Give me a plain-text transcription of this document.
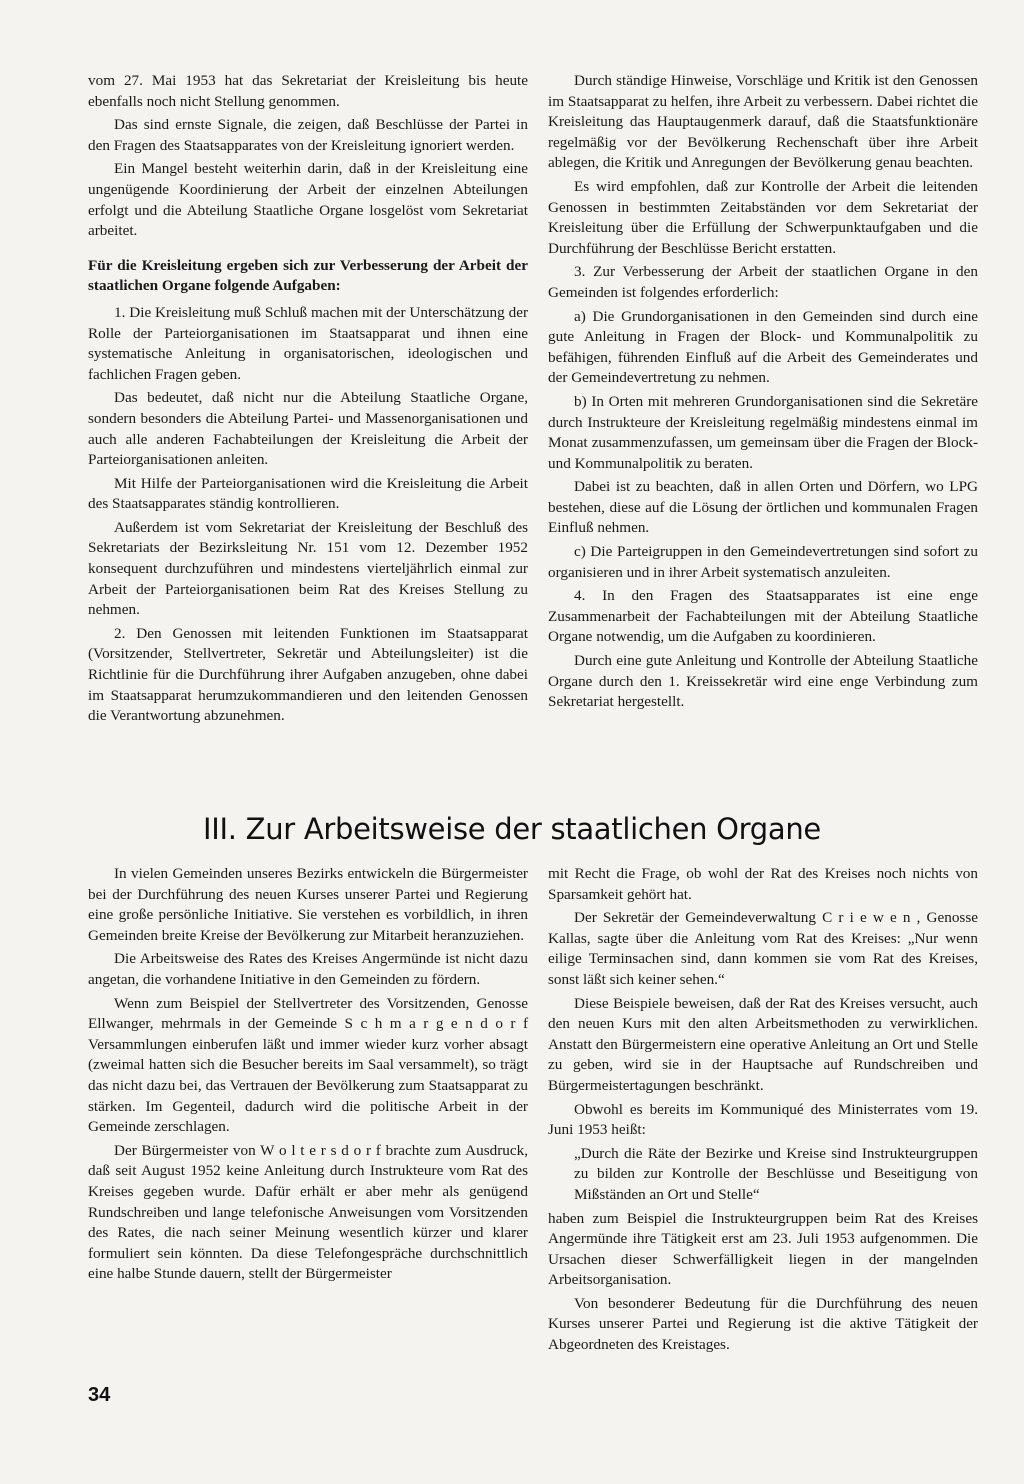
vom 27. Mai 1953 hat das Sekretariat der Kreisleitung bis heute ebenfalls noch nicht Stellung genommen.

Das sind ernste Signale, die zeigen, daß Beschlüsse der Partei in den Fragen des Staatsapparates von der Kreisleitung ignoriert werden.

Ein Mangel besteht weiterhin darin, daß in der Kreisleitung eine ungenügende Koordinierung der Arbeit der einzelnen Abteilungen erfolgt und die Abteilung Staatliche Organe losgelöst vom Sekretariat arbeitet.

Für die Kreisleitung ergeben sich zur Verbesserung der Arbeit der staatlichen Organe folgende Aufgaben:

1. Die Kreisleitung muß Schluß machen mit der Unterschätzung der Rolle der Parteiorganisationen im Staatsapparat und ihnen eine systematische Anleitung in organisatorischen, ideologischen und fachlichen Fragen geben.

Das bedeutet, daß nicht nur die Abteilung Staatliche Organe, sondern besonders die Abteilung Partei- und Massenorganisationen und auch alle anderen Fachabteilungen der Kreisleitung die Arbeit der Parteiorganisationen anleiten.

Mit Hilfe der Parteiorganisationen wird die Kreisleitung die Arbeit des Staatsapparates ständig kontrollieren.

Außerdem ist vom Sekretariat der Kreisleitung der Beschluß des Sekretariats der Bezirksleitung Nr. 151 vom 12. Dezember 1952 konsequent durchzuführen und mindestens vierteljährlich einmal zur Arbeit der Parteiorganisationen beim Rat des Kreises Stellung zu nehmen.

2. Den Genossen mit leitenden Funktionen im Staatsapparat (Vorsitzender, Stellvertreter, Sekretär und Abteilungsleiter) ist die Richtlinie für die Durchführung ihrer Aufgaben anzugeben, ohne dabei im Staatsapparat herumzukommandieren und den leitenden Genossen die Verantwortung abzunehmen.

Durch ständige Hinweise, Vorschläge und Kritik ist den Genossen im Staatsapparat zu helfen, ihre Arbeit zu verbessern. Dabei richtet die Kreisleitung das Hauptaugenmerk darauf, daß die Staatsfunktionäre regelmäßig vor der Bevölkerung Rechenschaft über ihre Arbeit ablegen, die Kritik und Anregungen der Bevölkerung genau beachten.

Es wird empfohlen, daß zur Kontrolle der Arbeit die leitenden Genossen in bestimmten Zeitabständen vor dem Sekretariat der Kreisleitung über die Erfüllung der Schwerpunktaufgaben und die Durchführung der Beschlüsse Bericht erstatten.

3. Zur Verbesserung der Arbeit der staatlichen Organe in den Gemeinden ist folgendes erforderlich:

a) Die Grundorganisationen in den Gemeinden sind durch eine gute Anleitung in Fragen der Block- und Kommunalpolitik zu befähigen, führenden Einfluß auf die Arbeit des Gemeinderates und der Gemeindevertretung zu nehmen.

b) In Orten mit mehreren Grundorganisationen sind die Sekretäre durch Instrukteure der Kreisleitung regelmäßig mindestens einmal im Monat zusammenzufassen, um gemeinsam über die Fragen der Block- und Kommunalpolitik zu beraten.

Dabei ist zu beachten, daß in allen Orten und Dörfern, wo LPG bestehen, diese auf die Lösung der örtlichen und kommunalen Fragen Einfluß nehmen.

c) Die Parteigruppen in den Gemeindevertretungen sind sofort zu organisieren und in ihrer Arbeit systematisch anzuleiten.

4. In den Fragen des Staatsapparates ist eine enge Zusammenarbeit der Fachabteilungen mit der Abteilung Staatliche Organe notwendig, um die Aufgaben zu koordinieren.

Durch eine gute Anleitung und Kontrolle der Abteilung Staatliche Organe durch den 1. Kreissekretär wird eine enge Verbindung zum Sekretariat hergestellt.

III. Zur Arbeitsweise der staatlichen Organe

In vielen Gemeinden unseres Bezirks entwickeln die Bürgermeister bei der Durchführung des neuen Kurses unserer Partei und Regierung eine große persönliche Initiative. Sie verstehen es vorbildlich, in ihren Gemeinden breite Kreise der Bevölkerung zur Mitarbeit heranzuziehen.

Die Arbeitsweise des Rates des Kreises Angermünde ist nicht dazu angetan, die vorhandene Initiative in den Gemeinden zu fördern.

Wenn zum Beispiel der Stellvertreter des Vorsitzenden, Genosse Ellwanger, mehrmals in der Gemeinde S c h m a r g e n d o r f Versammlungen einberufen läßt und immer wieder kurz vorher absagt (zweimal hatten sich die Besucher bereits im Saal versammelt), so trägt das nicht dazu bei, das Vertrauen der Bevölkerung zum Staatsapparat zu stärken. Im Gegenteil, dadurch wird die politische Arbeit in der Gemeinde zerschlagen.

Der Bürgermeister von W o l t e r s d o r f brachte zum Ausdruck, daß seit August 1952 keine Anleitung durch Instrukteure vom Rat des Kreises gegeben wurde. Dafür erhält er aber mehr als genügend Rundschreiben und lange telefonische Anweisungen vom Vorsitzenden des Rates, die nach seiner Meinung wesentlich kürzer und klarer formuliert sein könnten. Da diese Telefongespräche durchschnittlich eine halbe Stunde dauern, stellt der Bürgermeister

mit Recht die Frage, ob wohl der Rat des Kreises noch nichts von Sparsamkeit gehört hat.

Der Sekretär der Gemeindeverwaltung C r i e w e n , Genosse Kallas, sagte über die Anleitung vom Rat des Kreises: „Nur wenn eilige Terminsachen sind, dann kommen sie vom Rat des Kreises, sonst läßt sich keiner sehen.“

Diese Beispiele beweisen, daß der Rat des Kreises versucht, auch den neuen Kurs mit den alten Arbeitsmethoden zu verwirklichen. Anstatt den Bürgermeistern eine operative Anleitung an Ort und Stelle zu geben, wird sie in der Hauptsache auf Rundschreiben und Bürgermeistertagungen beschränkt.

Obwohl es bereits im Kommuniqué des Ministerrates vom 19. Juni 1953 heißt:

„Durch die Räte der Bezirke und Kreise sind Instrukteurgruppen zu bilden zur Kontrolle der Beschlüsse und Beseitigung von Mißständen an Ort und Stelle“

haben zum Beispiel die Instrukteurgruppen beim Rat des Kreises Angermünde ihre Tätigkeit erst am 23. Juli 1953 aufgenommen. Die Ursachen dieser Schwerfälligkeit liegen in der mangelnden Arbeitsorganisation.

Von besonderer Bedeutung für die Durchführung des neuen Kurses unserer Partei und Regierung ist die aktive Tätigkeit der Abgeordneten des Kreistages.

34
